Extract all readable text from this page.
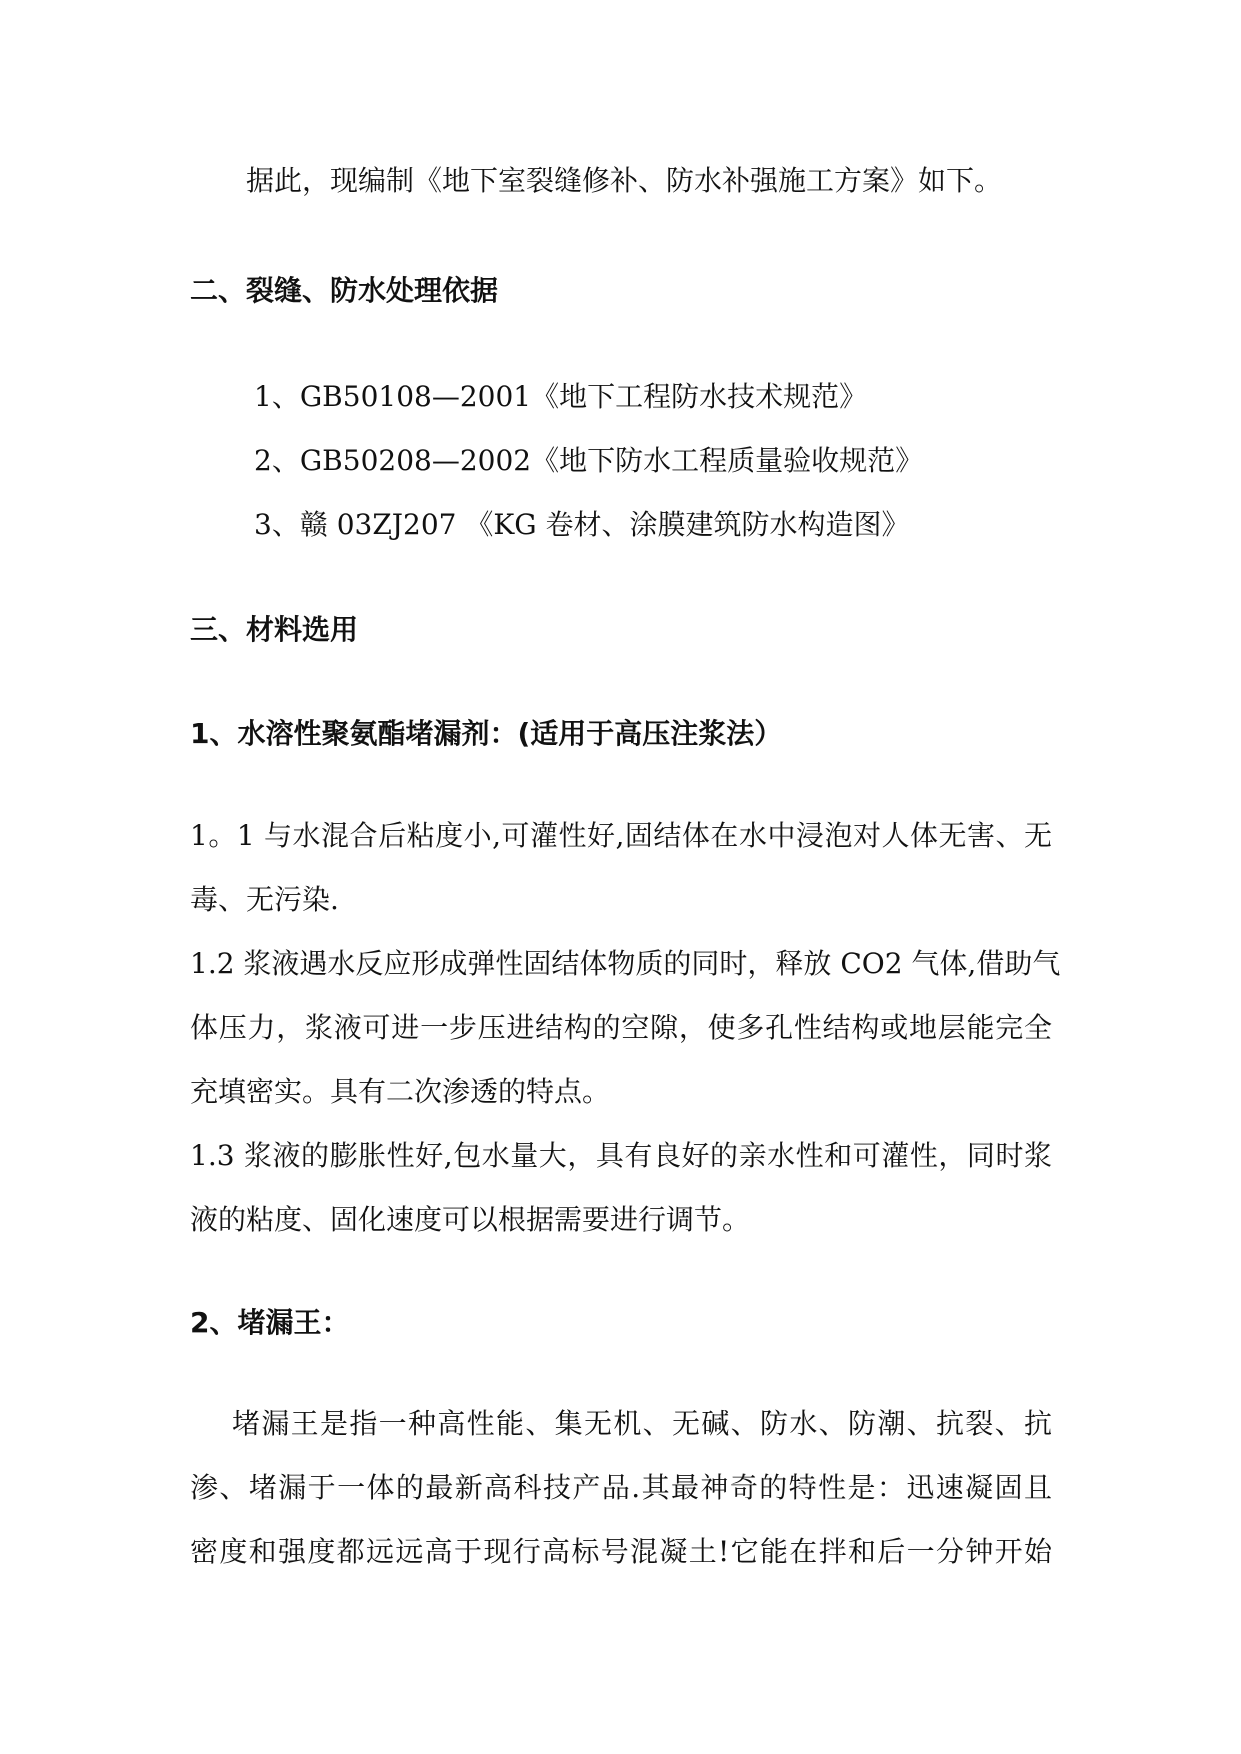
据此，现编制《地下室裂缝修补、防水补强施工方案》如下。
二、裂缝、防水处理依据
1、GB50108—2001《地下工程防水技术规范》
2、GB50208—2002《地下防水工程质量验收规范》
3、赣 03ZJ207 《KG 卷材、涂膜建筑防水构造图》
三、材料选用
1、水溶性聚氨酯堵漏剂：(适用于高压注浆法）
1。1 与水混合后粘度小,可灌性好,固结体在水中浸泡对人体无害、无
毒、无污染.
1.2 浆液遇水反应形成弹性固结体物质的同时，释放 CO2 气体,借助气
体压力，浆液可进一步压进结构的空隙，使多孔性结构或地层能完全
充填密实。具有二次渗透的特点。
1.3 浆液的膨胀性好,包水量大，具有良好的亲水性和可灌性，同时浆
液的粘度、固化速度可以根据需要进行调节。
2、堵漏王：
堵漏王是指一种高性能、集无机、无碱、防水、防潮、抗裂、抗
渗、堵漏于一体的最新高科技产品.其最神奇的特性是：迅速凝固且
密度和强度都远远高于现行高标号混凝土!它能在拌和后一分钟开始
